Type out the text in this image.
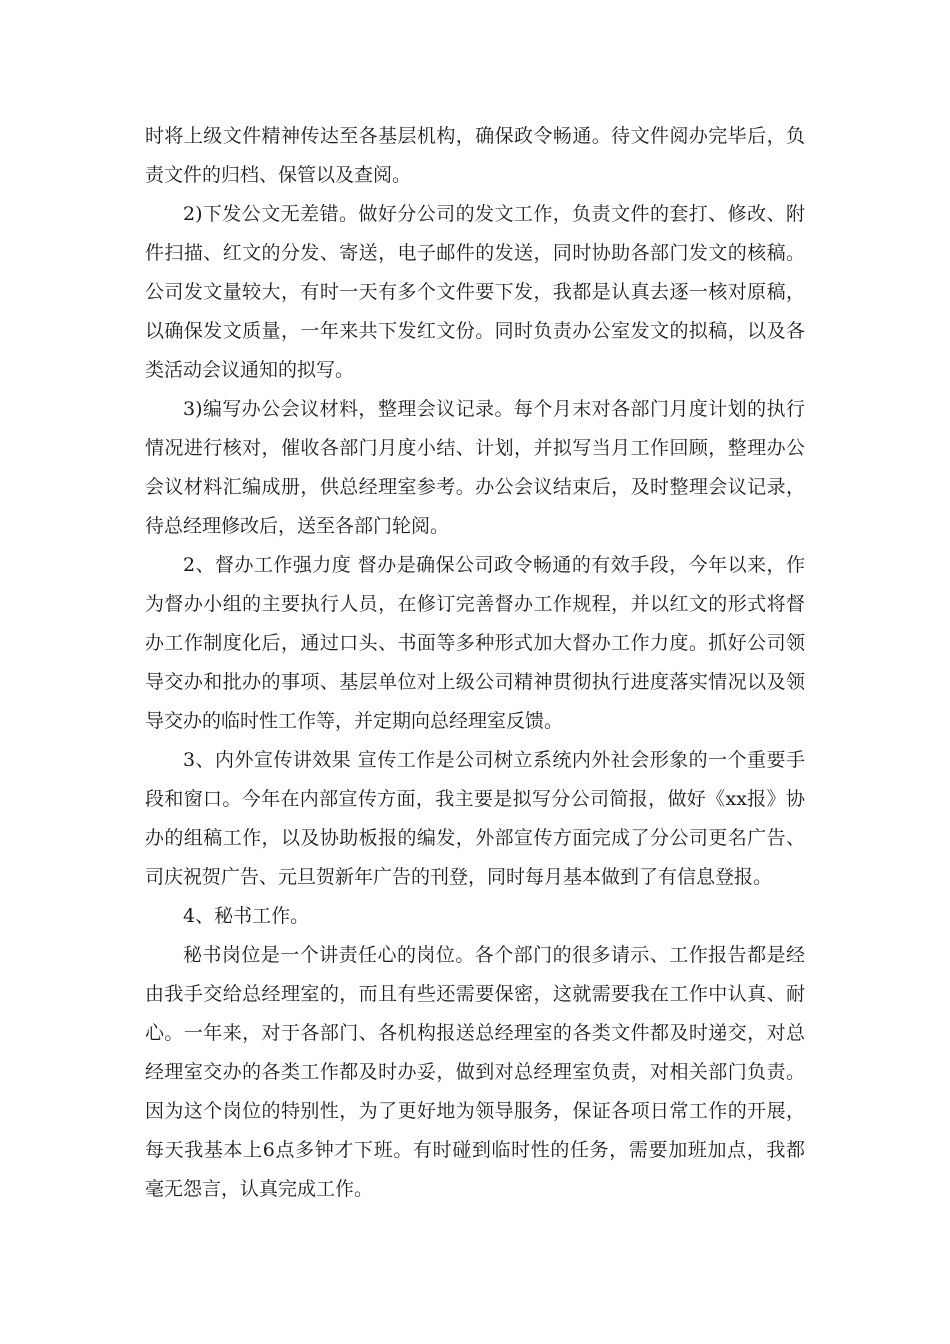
时将上级文件精神传达至各基层机构，确保政令畅通。待文件阅办完毕后，负
责文件的归档、保管以及查阅。
2)下发公文无差错。做好分公司的发文工作，负责文件的套打、修改、附
件扫描、红文的分发、寄送，电子邮件的发送，同时协助各部门发文的核稿。
公司发文量较大，有时一天有多个文件要下发，我都是认真去逐一核对原稿，
以确保发文质量，一年来共下发红文份。同时负责办公室发文的拟稿，以及各
类活动会议通知的拟写。
3)编写办公会议材料，整理会议记录。每个月末对各部门月度计划的执行
情况进行核对，催收各部门月度小结、计划，并拟写当月工作回顾，整理办公
会议材料汇编成册，供总经理室参考。办公会议结束后，及时整理会议记录，
待总经理修改后，送至各部门轮阅。
2、督办工作强力度 督办是确保公司政令畅通的有效手段，今年以来，作
为督办小组的主要执行人员，在修订完善督办工作规程，并以红文的形式将督
办工作制度化后，通过口头、书面等多种形式加大督办工作力度。抓好公司领
导交办和批办的事项、基层单位对上级公司精神贯彻执行进度落实情况以及领
导交办的临时性工作等，并定期向总经理室反馈。
3、内外宣传讲效果 宣传工作是公司树立系统内外社会形象的一个重要手
段和窗口。今年在内部宣传方面，我主要是拟写分公司简报，做好《xx报》协
办的组稿工作，以及协助板报的编发，外部宣传方面完成了分公司更名广告、
司庆祝贺广告、元旦贺新年广告的刊登，同时每月基本做到了有信息登报。
4、秘书工作。
秘书岗位是一个讲责任心的岗位。各个部门的很多请示、工作报告都是经
由我手交给总经理室的，而且有些还需要保密，这就需要我在工作中认真、耐
心。一年来，对于各部门、各机构报送总经理室的各类文件都及时递交，对总
经理室交办的各类工作都及时办妥，做到对总经理室负责，对相关部门负责。
因为这个岗位的特别性，为了更好地为领导服务，保证各项日常工作的开展，
每天我基本上6点多钟才下班。有时碰到临时性的任务，需要加班加点，我都
毫无怨言，认真完成工作。
